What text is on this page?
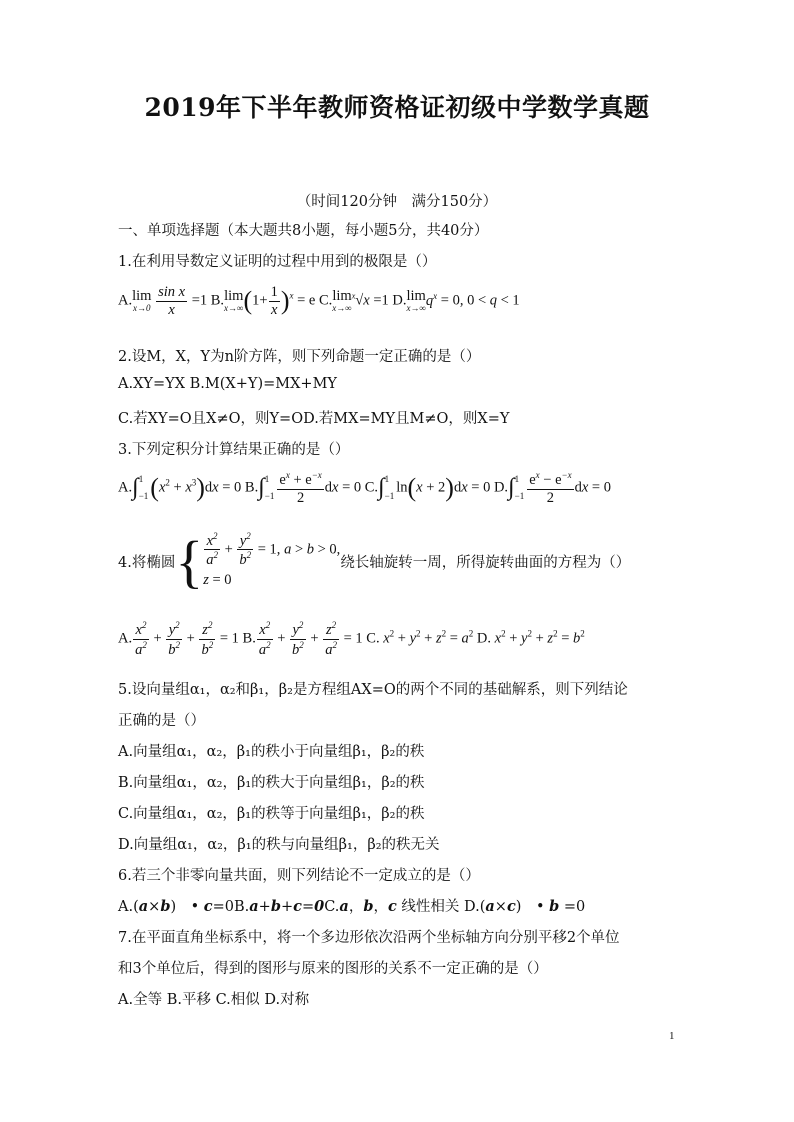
2019年下半年教师资格证初级中学数学真题
（时间120分钟　满分150分）
一、单项选择题（本大题共8小题，每小题5分，共40分）
1.在利用导数定义证明的过程中用到的极限是（）
A.lim
x→0
$\frac{\text{sin x}}{x} =1$ B.lim
x→∞ $(1+ \frac{1}{x} )^x = e$ C.lim
x→∞
$^x$√x =1 D.lim
x→∞ $q^x = 0$, 0 < q < 1
2.设M，X，Y为n阶方阵，则下列命题一定正确的是（）
A.XY=YX B.M(X+Y)=MX+MY
C.若XY=O且X≠O，则Y=OD.若MX=MY且M≠O，则X=Y
3.下列定积分计算结果正确的是（）
A.∫ 1
−1 $(x^2 + x^3)dx = 0$ B.∫ 1
$-1 \frac{e^x + e^{-x}}{2}$ dx = 0 C.∫ 1
−1
ln(x + 2)dx = 0 D.∫ 1
$-1 \frac{e^x - e^{-x}}{2}$ dx = 0
4.将椭圆{ $\frac{x^2}{a^2} + \frac{y^2}{b^2} = 1$, a > b > 0,
z = 0
绕长轴旋转一周，所得旋转曲面的方程为（）
A. $\frac{x^2}{a^2} + \frac{y^2}{b^2} + \frac{z^2}{b^2} = 1$ B. $\frac{x^2}{a^2} + \frac{y^2}{b^2} + \frac{z^2}{a^2} = 1$ C. $x^2 + y^2 + z^2 = a^2$ D. $x^2 + y^2 + z^2 = b^2$
5.设向量组α₁，α₂和β₁，β₂是方程组AX=O的两个不同的基础解系，则下列结论
正确的是（）
A.向量组α₁，α₂，β₁的秩小于向量组β₁，β₂的秩
B.向量组α₁，α₂，β₁的秩大于向量组β₁，β₂的秩
C.向量组α₁，α₂，β₁的秩等于向量组β₁，β₂的秩
D.向量组α₁，α₂，β₁的秩与向量组β₁，β₂的秩无关
6.若三个非零向量共面，则下列结论不一定成立的是（）
A.(a×b)　• c=0B.a+b+c=0C.a，b，c 线性相关 D.(a×c)　• b =0
7.在平面直角坐标系中，将一个多边形依次沿两个坐标轴方向分别平移2个单位
和3个单位后，得到的图形与原来的图形的关系不一定正确的是（）
A.全等 B.平移 C.相似 D.对称
1
